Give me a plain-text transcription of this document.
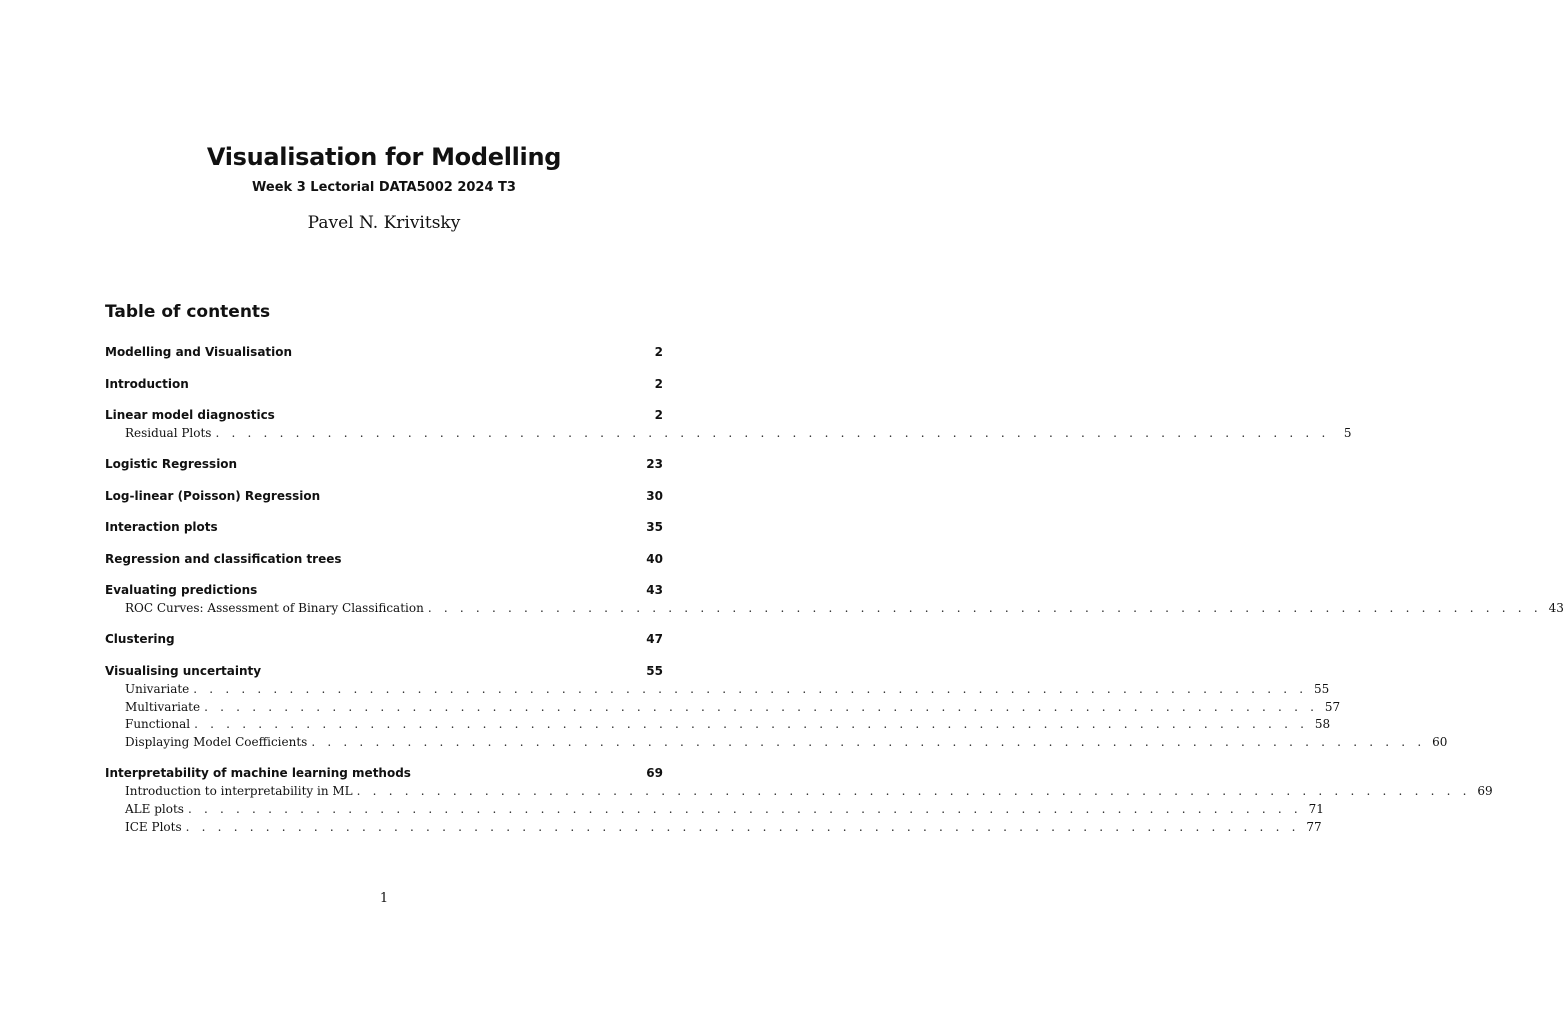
Visualisation for Modelling
Week 3 Lectorial DATA5002 2024 T3
Pavel N. Krivitsky
Table of contents
Modelling and Visualisation	2
Introduction	2
Linear model diagnostics	2
Residual Plots . . . . . . . . . . . . . . . . . . . . . . . . . . . . . . . . . . . . . . . . . . . . . . . . . . . . . . . . . . . . . . . . . . . . . .	5
Logistic Regression	23
Log-linear (Poisson) Regression	30
Interaction plots	35
Regression and classification trees	40
Evaluating predictions	43
ROC Curves: Assessment of Binary Classification . . . . . . . . . . . . . . . . . . . . . . . . . . . . . . . . . . . . . . . . . . . . . . . . . . . . . . . . . . . . . . . . . . . . . . 43
Clustering	47
Visualising uncertainty	55
Univariate . . . . . . . . . . . . . . . . . . . . . . . . . . . . . . . . . . . . . . . . . . . . . . . . . . . . . . . . . . . . . . . . . . . . . . 55
Multivariate . . . . . . . . . . . . . . . . . . . . . . . . . . . . . . . . . . . . . . . . . . . . . . . . . . . . . . . . . . . . . . . . . . . . . . 57
Functional . . . . . . . . . . . . . . . . . . . . . . . . . . . . . . . . . . . . . . . . . . . . . . . . . . . . . . . . . . . . . . . . . . . . . . 58
Displaying Model Coefficients . . . . . . . . . . . . . . . . . . . . . . . . . . . . . . . . . . . . . . . . . . . . . . . . . . . . . . . . . . . . . . . . . . . . . . 60
Interpretability of machine learning methods	69
Introduction to interpretability in ML . . . . . . . . . . . . . . . . . . . . . . . . . . . . . . . . . . . . . . . . . . . . . . . . . . . . . . . . . . . . . . . . . . . . . . 69
ALE plots . . . . . . . . . . . . . . . . . . . . . . . . . . . . . . . . . . . . . . . . . . . . . . . . . . . . . . . . . . . . . . . . . . . . . . 71
ICE Plots . . . . . . . . . . . . . . . . . . . . . . . . . . . . . . . . . . . . . . . . . . . . . . . . . . . . . . . . . . . . . . . . . . . . . . 77
1
